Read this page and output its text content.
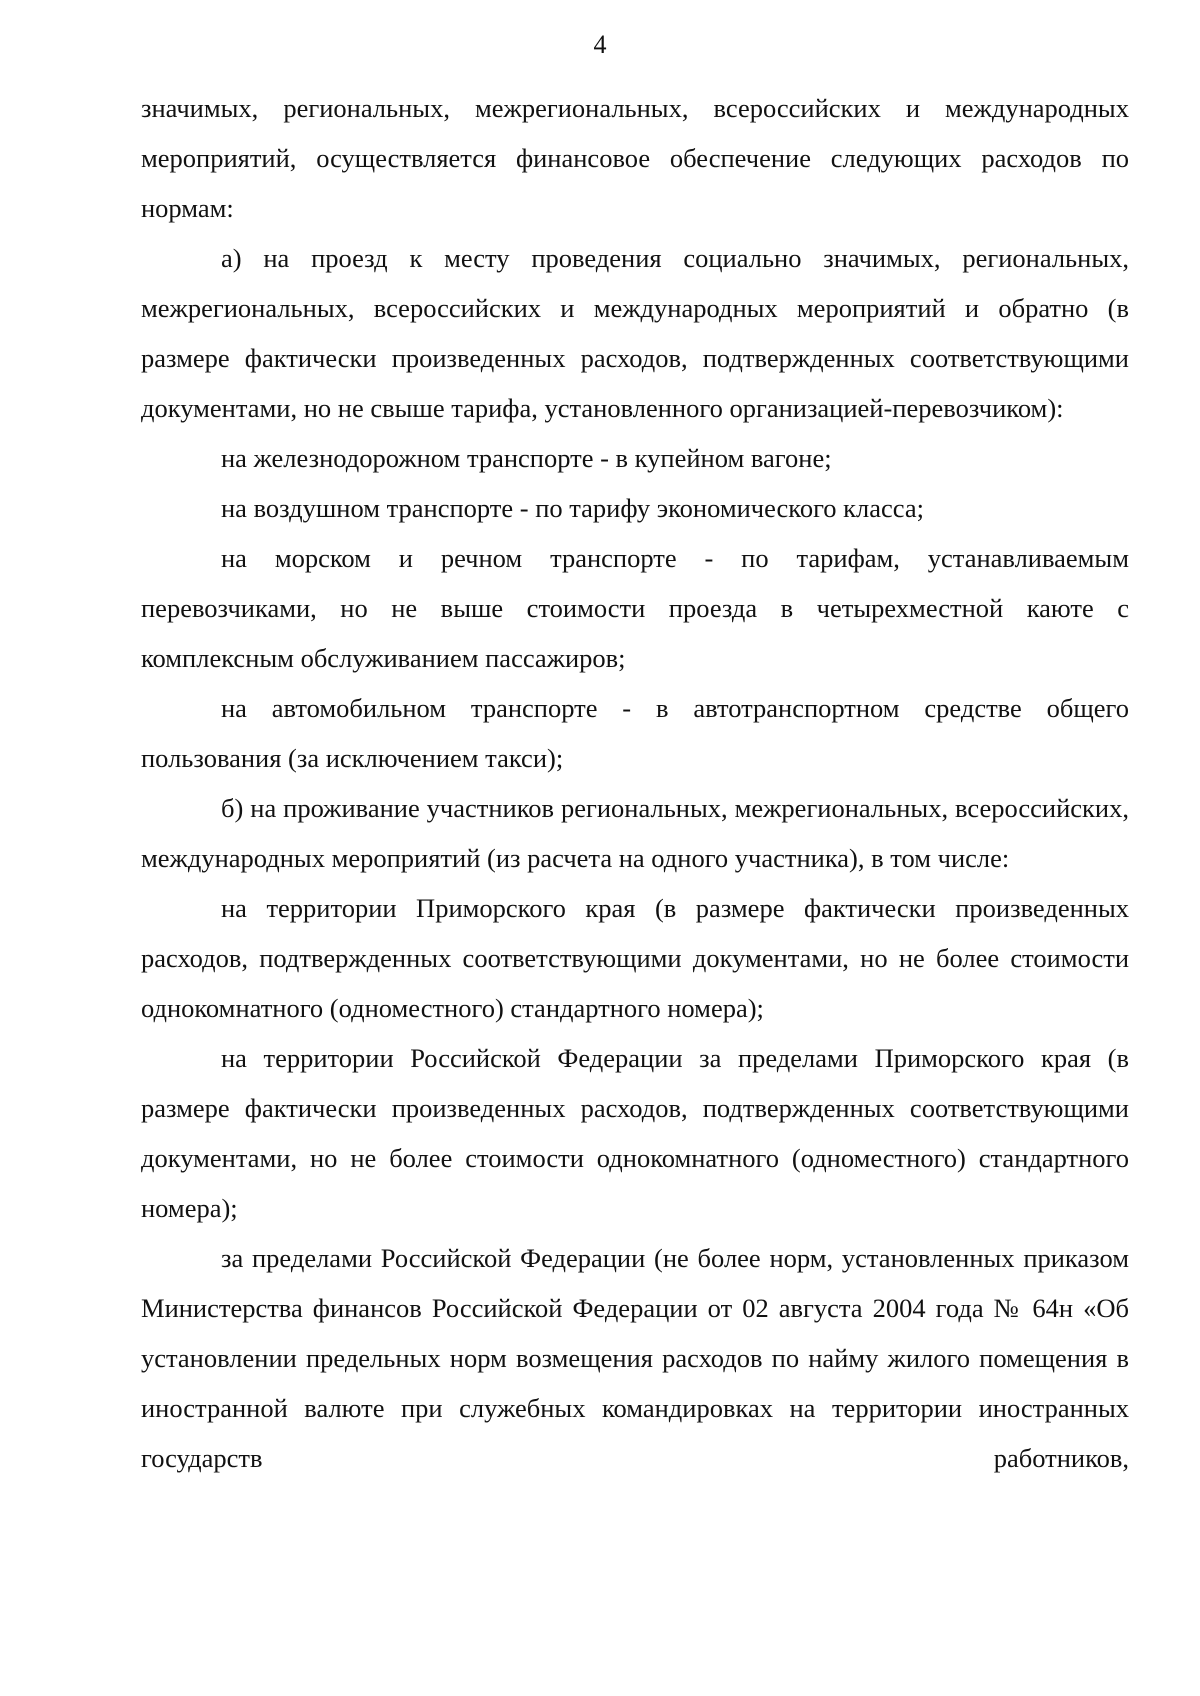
4

значимых, региональных, межрегиональных, всероссийских и международных мероприятий, осуществляется финансовое обеспечение следующих расходов по нормам:

а) на проезд к месту проведения социально значимых, региональных, межрегиональных, всероссийских и международных мероприятий и обратно (в размере фактически произведенных расходов, подтвержденных соответствующими документами, но не свыше тарифа, установленного организацией-перевозчиком):

на железнодорожном транспорте - в купейном вагоне;

на воздушном транспорте - по тарифу экономического класса;

на морском и речном транспорте - по тарифам, устанавливаемым перевозчиками, но не выше стоимости проезда в четырехместной каюте с комплексным обслуживанием пассажиров;

на автомобильном транспорте - в автотранспортном средстве общего пользования (за исключением такси);

б) на проживание участников региональных, межрегиональных, всероссийских, международных мероприятий (из расчета на одного участника), в том числе:

на территории Приморского края (в размере фактически произведенных расходов, подтвержденных соответствующими документами, но не более стоимости однокомнатного (одноместного) стандартного номера);

на территории Российской Федерации за пределами Приморского края (в размере фактически произведенных расходов, подтвержденных соответствующими документами, но не более стоимости однокомнатного (одноместного) стандартного номера);

за пределами Российской Федерации (не более норм, установленных приказом Министерства финансов Российской Федерации от 02 августа 2004 года № 64н «Об установлении предельных норм возмещения расходов по найму жилого помещения в иностранной валюте при служебных командировках на территории иностранных государств работников,
